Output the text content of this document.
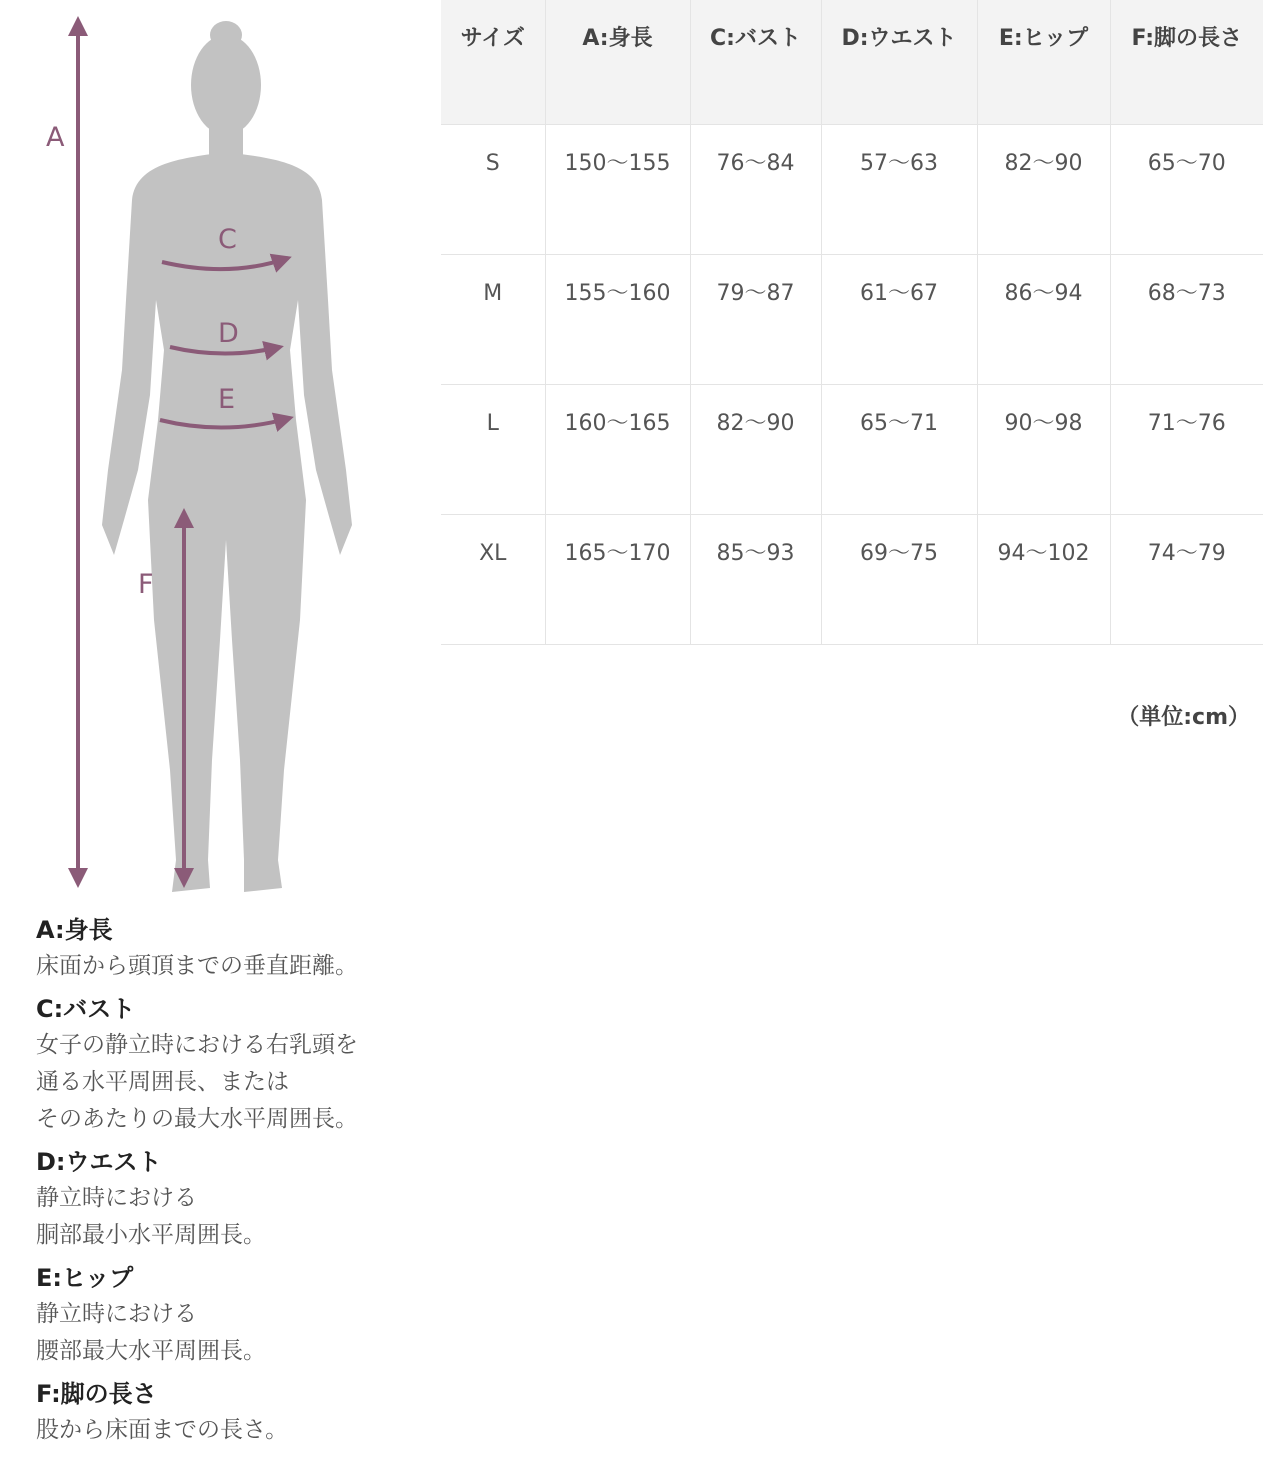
A
C
D
E
F

A:身長

床面から頭頂までの垂直距離。

C:バスト

女子の静立時における右乳頭を

通る水平周囲長、または

そのあたりの最大水平周囲長。

D:ウエスト

静立時における

胴部最小水平周囲長。

E:ヒップ

静立時における

腰部最大水平周囲長。

F:脚の長さ

股から床面までの長さ。

サイズ	A:身長	C:バスト	D:ウエスト	E:ヒップ	F:脚の長さ
S	150〜155	76〜84	57〜63	82〜90	65〜70
M	155〜160	79〜87	61〜67	86〜94	68〜73
L	160〜165	82〜90	65〜71	90〜98	71〜76
XL	165〜170	85〜93	69〜75	94〜102	74〜79

（単位:cm）
